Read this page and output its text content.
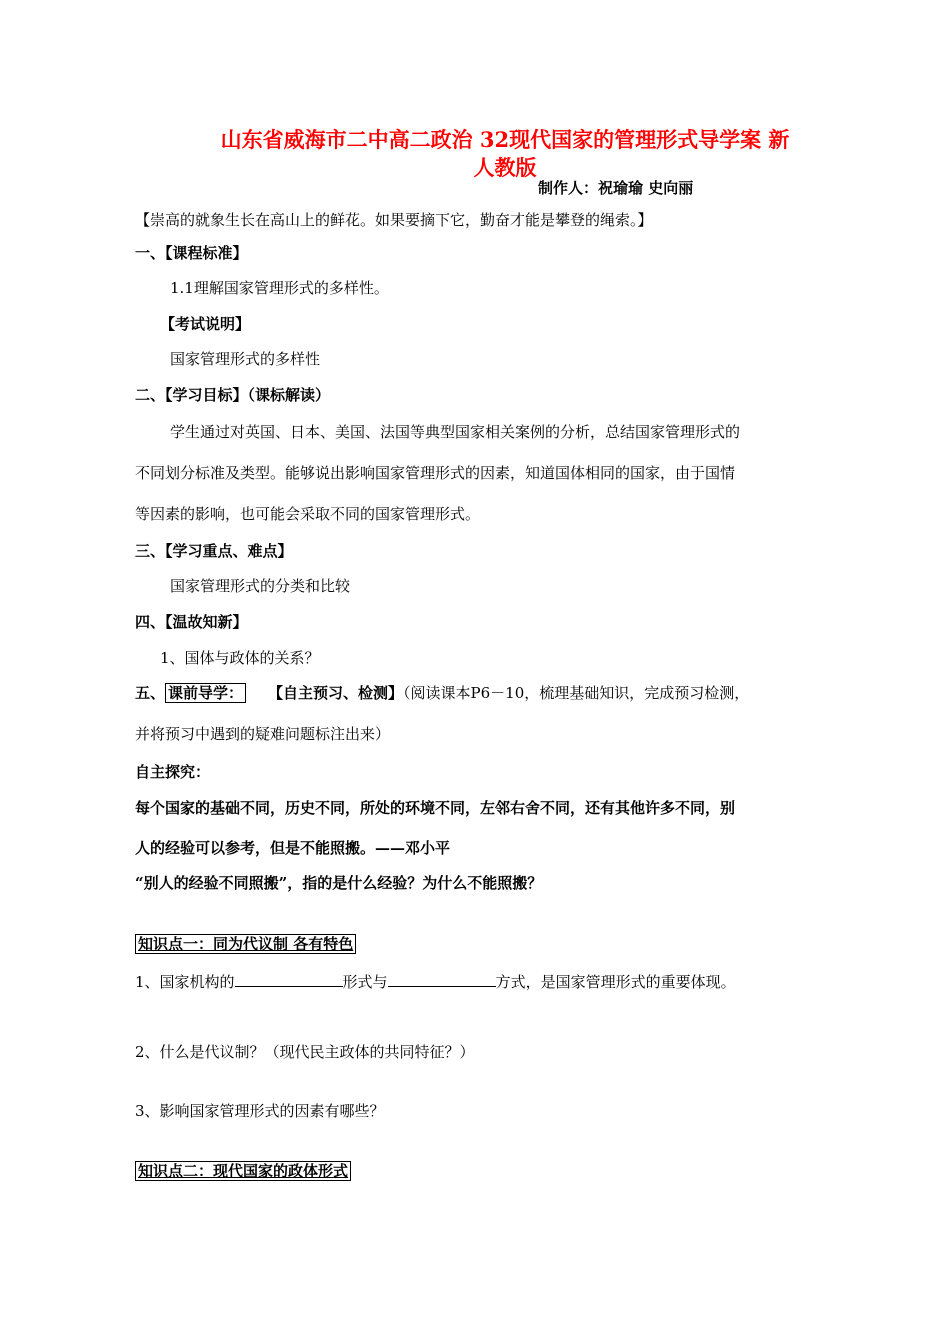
山东省威海市二中高二政治 32现代国家的管理形式导学案 新
人教版
制作人：祝瑜瑜 史向丽
【崇高的就象生长在高山上的鲜花。如果要摘下它，勤奋才能是攀登的绳索。】
一、【课程标准】
1.1理解国家管理形式的多样性。
【考试说明】
国家管理形式的多样性
二、【学习目标】（课标解读）
学生通过对英国、日本、美国、法国等典型国家相关案例的分析，总结国家管理形式的
不同划分标准及类型。能够说出影响国家管理形式的因素，知道国体相同的国家，由于国情
等因素的影响，也可能会采取不同的国家管理形式。
三、【学习重点、难点】
国家管理形式的分类和比较
四、【温故知新】
1、国体与政体的关系？
五、 课前导学： 【自主预习、检测】（阅读课本P6－10，梳理基础知识，完成预习检测，
并将预习中遇到的疑难问题标注出来）
自主探究：
每个国家的基础不同，历史不同，所处的环境不同，左邻右舍不同，还有其他许多不同，别
人的经验可以参考，但是不能照搬。——邓小平
“别人的经验不同照搬”，指的是什么经验？为什么不能照搬？
知识点一：同为代议制 各有特色
1、国家机构的	形式与	方式，是国家管理形式的重要体现。
2、什么是代议制？（现代民主政体的共同特征？）
3、影响国家管理形式的因素有哪些？
知识点二：现代国家的政体形式
